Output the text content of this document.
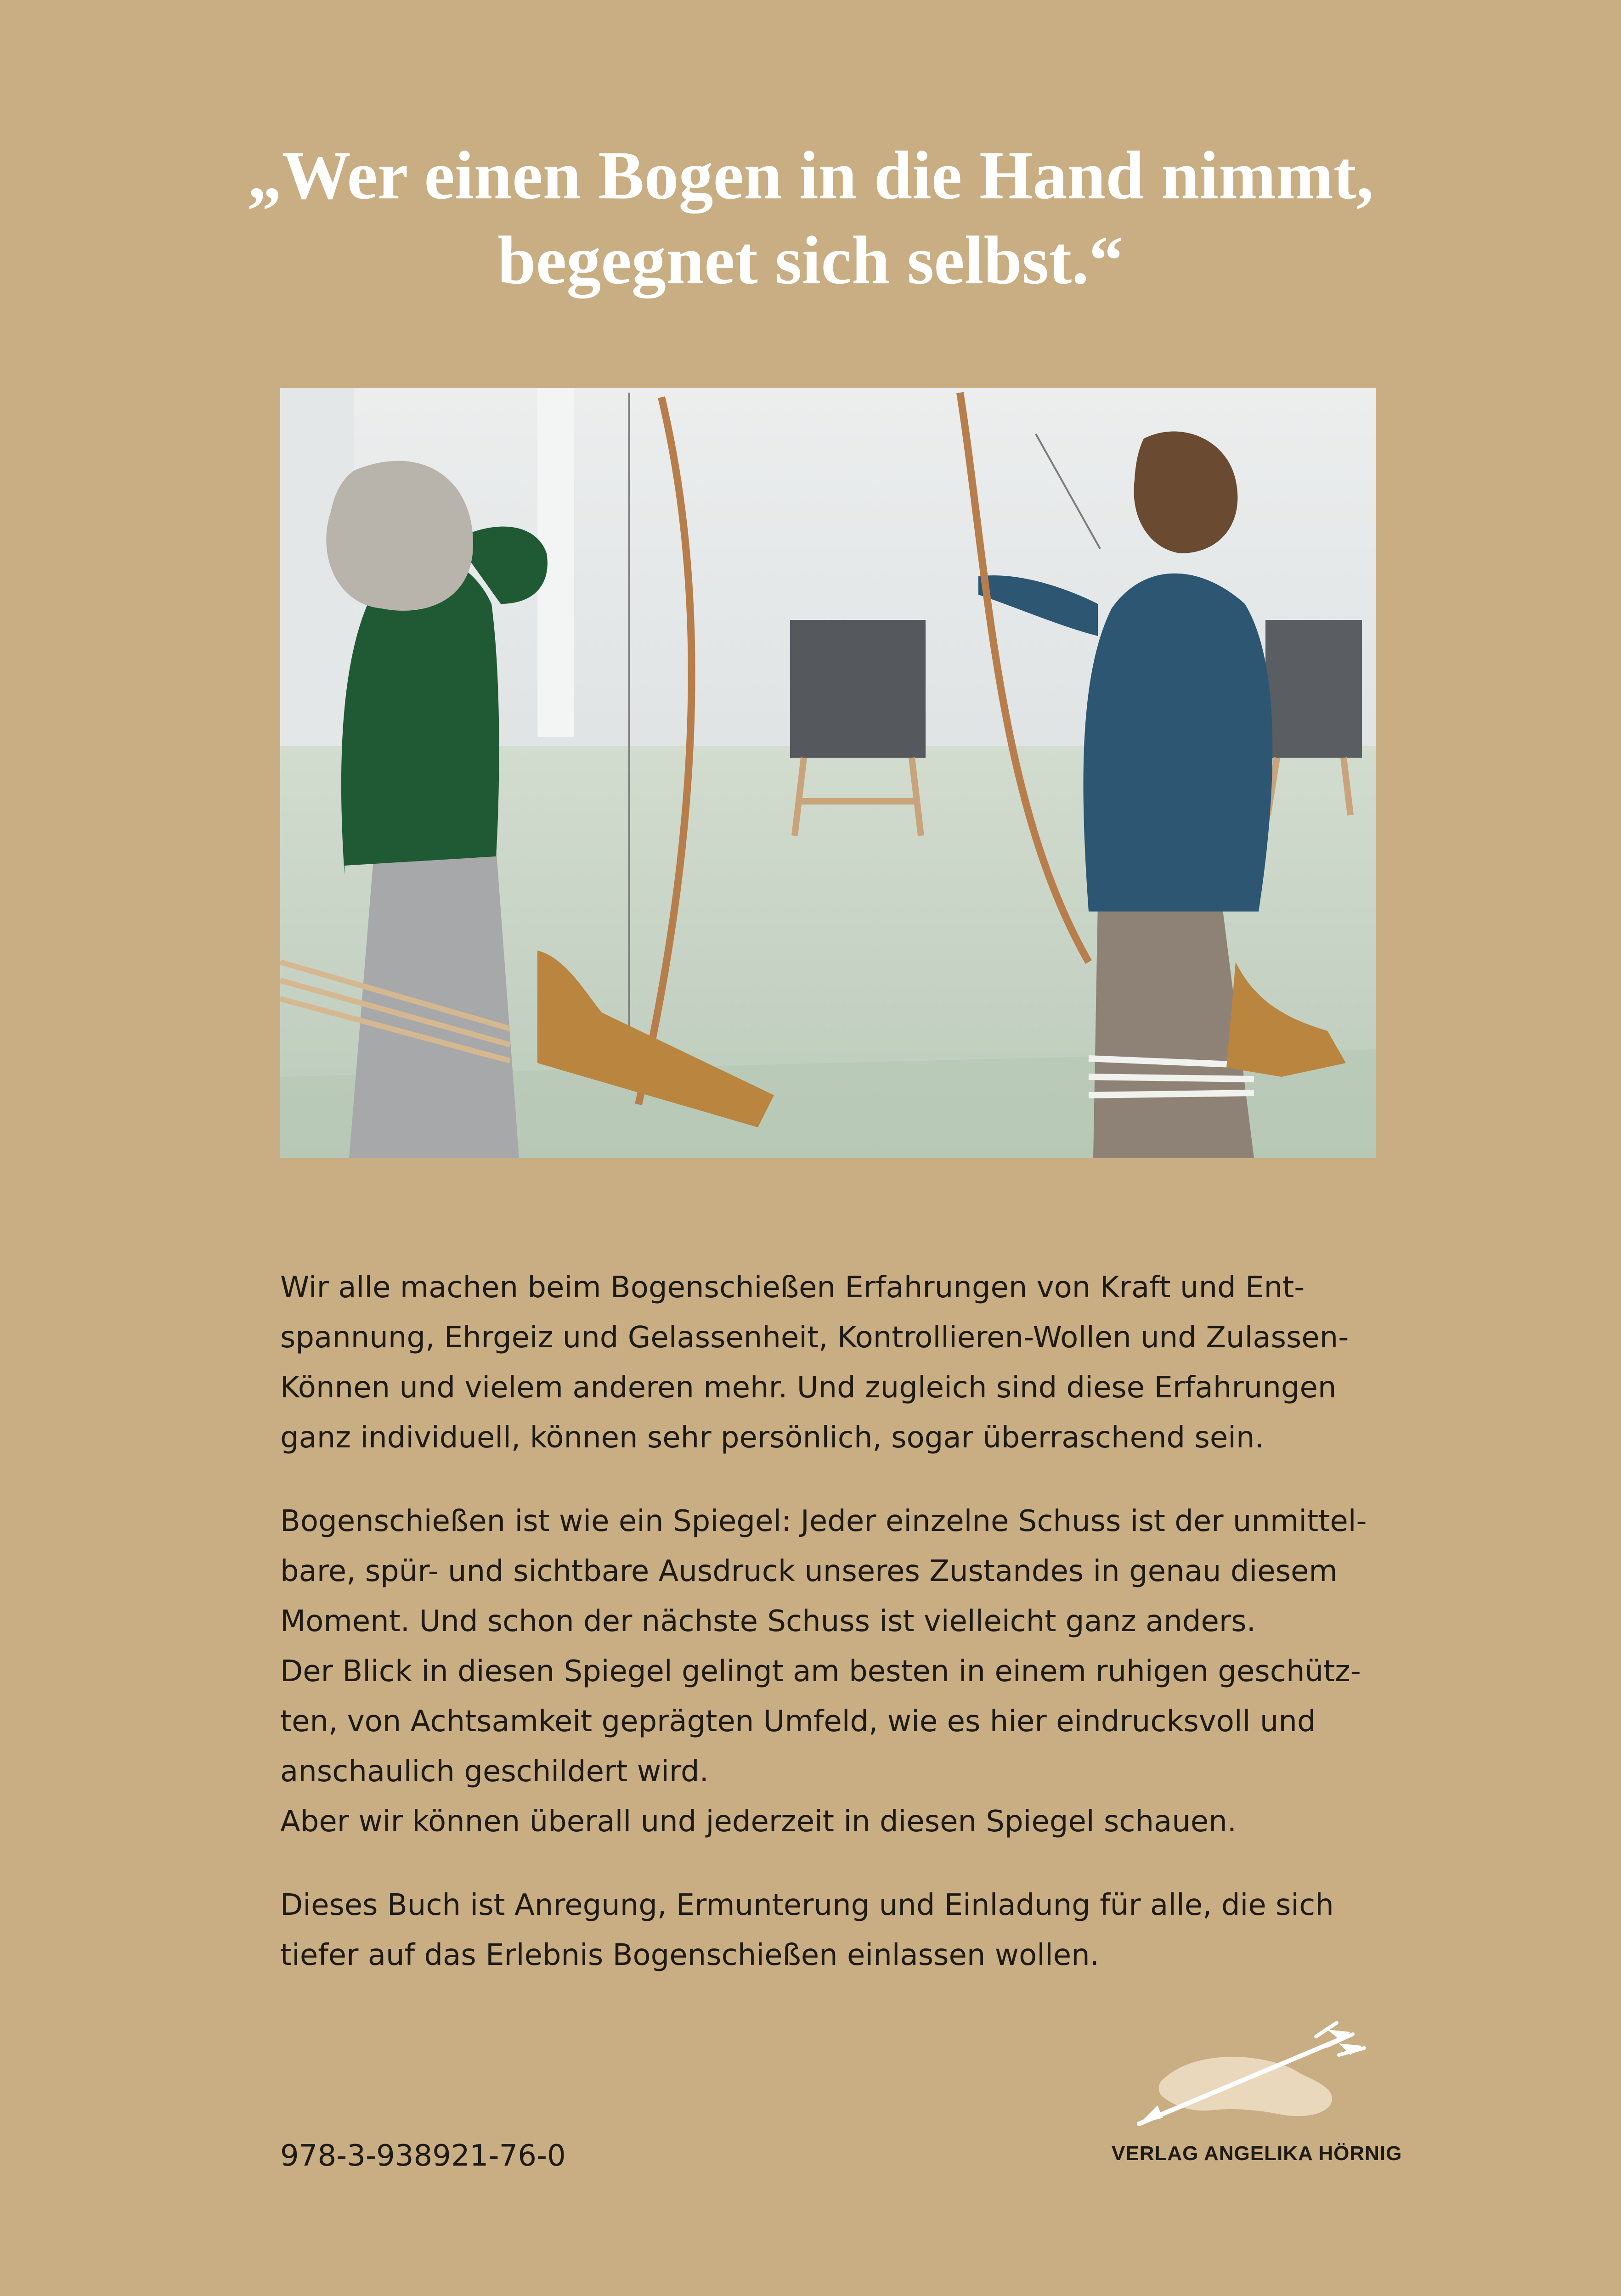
„Wer einen Bogen in die Hand nimmt,
begegnet sich selbst.“
Wir alle machen beim Bogenschießen Erfahrungen von Kraft und Ent-
spannung, Ehrgeiz und Gelassenheit, Kontrollieren-Wollen und Zulassen-
Können und vielem anderen mehr. Und zugleich sind diese Erfahrungen
ganz individuell, können sehr persönlich, sogar überraschend sein.
Bogenschießen ist wie ein Spiegel: Jeder einzelne Schuss ist der unmittel-
bare, spür- und sichtbare Ausdruck unseres Zustandes in genau diesem
Moment. Und schon der nächste Schuss ist vielleicht ganz anders.
Der Blick in diesen Spiegel gelingt am besten in einem ruhigen geschütz-
ten, von Achtsamkeit geprägten Umfeld, wie es hier eindrucksvoll und
anschaulich geschildert wird.
Aber wir können überall und jederzeit in diesen Spiegel schauen.
Dieses Buch ist Anregung, Ermunterung und Einladung für alle, die sich
tiefer auf das Erlebnis Bogenschießen einlassen wollen.
978-3-938921-76-0	VERLAG ANGELIKA HÖRNIG
